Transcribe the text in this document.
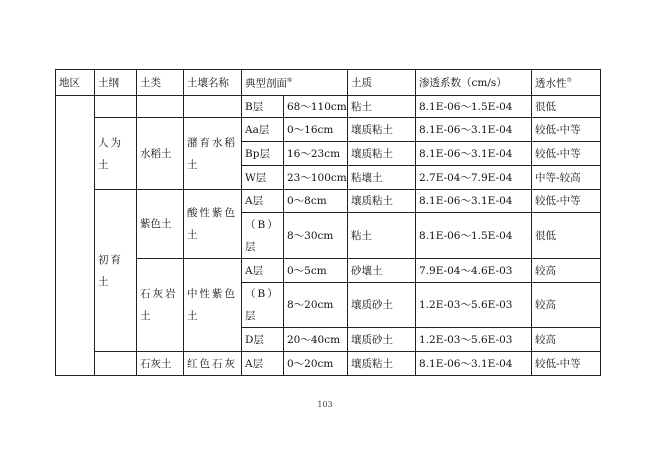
地区	土纲	土类	土壤名称	典型剖面⑥		土质	渗透系数（cm/s）	透水性⑦
				B层	68～110cm	粘土	8.1E-06～1.5E-04	很低
	人为土	水稻土	潴育水稻土	Aa层	0～16cm	壤质粘土	8.1E-06～3.1E-04	较低-中等
				Bp层	16～23cm	壤质粘土	8.1E-06～3.1E-04	较低-中等
				W层	23～100cm	粘壤土	2.7E-04～7.9E-04	中等-较高
	初育土	紫色土	酸性紫色土	A层	0～8cm	壤质粘土	8.1E-06～3.1E-04	较低-中等
				（B）层	8～30cm	粘土	8.1E-06～1.5E-04	很低
		石灰岩土	中性紫色土	A层	0～5cm	砂壤土	7.9E-04～4.6E-03	较高
				（B）层	8～20cm	壤质砂土	1.2E-03～5.6E-03	较高
				D层	20～40cm	壤质砂土	1.2E-03～5.6E-03	较高
		石灰土	红色石灰	A层	0～20cm	壤质粘土	8.1E-06～3.1E-04	较低-中等
103
